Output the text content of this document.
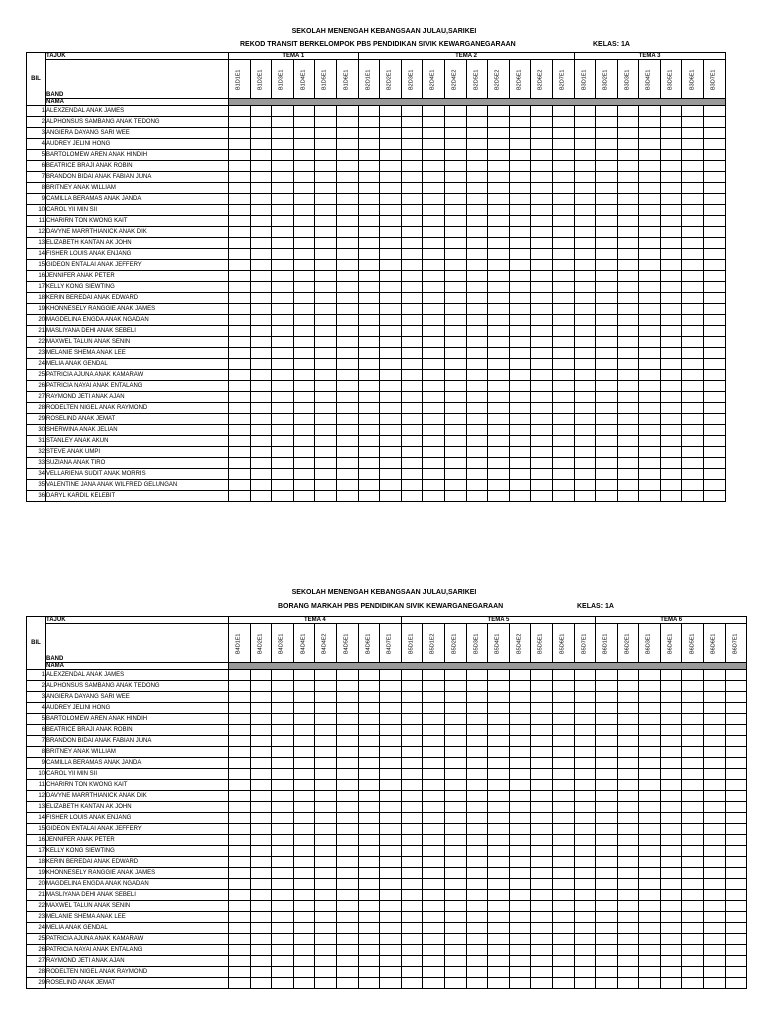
SEKOLAH MENENGAH KEBANGSAAN JULAU,SARIKEI
REKOD TRANSIT BERKELOMPOK PBS PENDIDIKAN SIVIK KEWARGANEGARAAN	KELAS: 1A
BIL	TAJUK	TEMA 1						TEMA 2										TEMA 3						
	BAND	B1D1E1	B1D2E1	B1D3E1	B1D4E1	B1D5E1	B1D6E1	B2D1E1	B2D2E1	B2D3E1	B2D4E1	B2D4E2	B2D5E1	B2D5E2	B2D6E1	B2D6E2	B2D7E1	B3D1E1	B3D2E1	B3D3E1	B3D4E1	B3D5E1	B3D6E1	B3D7E1
	NAMA																							

1	ALEXZENDAL ANAK JAMES																							
2	ALPHONSUS SAMBANG ANAK TEDONG																							
3	ANGIERA DAYANG SARI WEE																							
4	AUDREY JELINI HONG																							
5	BARTOLOMEW AREN ANAK HINDIH																							
6	BEATRICE BRAJI ANAK ROBIN																							
7	BRANDON BIDAI ANAK FABIAN JUNA																							
8	BRITNEY ANAK WILLIAM																							
9	CAMILLA BERAMAS ANAK JANDA																							
10	CAROL YII MIN SII																							
11	CHARIRN TON KWONG KAIT																							
12	DAVYNE MARRTHIANICK ANAK DIK																							
13	ELIZABETH KANTAN AK JOHN																							
14	FISHER LOUIS ANAK ENJANG																							
15	GIDEON ENTALAI ANAK JEFFERY																							
16	JENNIFER ANAK PETER																							
17	KELLY KONG SIEWTING																							
18	KERIN BEREDAI ANAK EDWARD																							
19	KHONNESELY RANGGIE ANAK JAMES																							
20	MAGDELINA ENGDA ANAK NGADAN																							
21	MASLIYANA DEHI ANAK SEBELI																							
22	MAXWEL TALUN ANAK SENIN																							
23	MELANIE SHEMA ANAK LEE																							
24	MELIA ANAK GENDAL																							
25	PATRICIA AJUNA ANAK KAMARAW																							
26	PATRICIA NAYAI ANAK ENTALANG																							
27	RAYMOND JETI ANAK AJAN																							
28	RODELTEN NIGEL ANAK RAYMOND																							
29	ROSELIND ANAK JEMAT																							
30	SHERWINA ANAK JELIAN																							
31	STANLEY ANAK AKUN																							
32	STEVE ANAK UMPI																							
33	SUZIANA ANAK TIRO																							
34	VELLARIENA SUDIT ANAK MORRIS																							
35	VALENTINE JANA ANAK WILFRED GELUNGAN																							
36	DARYL KARDIL KELEBIT																							
SEKOLAH MENENGAH KEBANGSAAN JULAU,SARIKEI
BORANG MARKAH PBS PENDIDIKAN SIVIK KEWARGANEGARAAN	KELAS: 1A
BIL	TAJUK	TEMA 4								TEMA 5									TEMA 6						
	BAND	B4D1E1	B4D2E1	B4D3E1	B4D4E1	B4D4E2	B4D5E1	B4D6E1	B4D7E1	B5D1E1	B5D1E2	B5D2E1	B5D3E1	B5D4E1	B5D4E2	B5D5E1	B5D6E1	B5D7E1	B6D1E1	B6D2E1	B6D3E1	B6D4E1	B6D5E1	B6D6E1	B6D7E1
	NAMA																								

1	ALEXZENDAL ANAK JAMES																								
2	ALPHONSUS SAMBANG ANAK TEDONG																								
3	ANGIERA DAYANG SARI WEE																								
4	AUDREY JELINI HONG																								
5	BARTOLOMEW AREN ANAK HINDIH																								
6	BEATRICE BRAJI ANAK ROBIN																								
7	BRANDON BIDAI ANAK FABIAN JUNA																								
8	BRITNEY ANAK WILLIAM																								
9	CAMILLA BERAMAS ANAK JANDA																								
10	CAROL YII MIN SII																								
11	CHARIRN TON KWONG KAIT																								
12	DAVYNE MARRTHIANICK ANAK DIK																								
13	ELIZABETH KANTAN AK JOHN																								
14	FISHER LOUIS ANAK ENJANG																								
15	GIDEON ENTALAI ANAK JEFFERY																								
16	JENNIFER ANAK PETER																								
17	KELLY KONG SIEWTING																								
18	KERIN BEREDAI ANAK EDWARD																								
19	KHONNESELY RANGGIE ANAK JAMES																								
20	MAGDELINA ENGDA ANAK NGADAN																								
21	MASLIYANA DEHI ANAK SEBELI																								
22	MAXWEL TALUN ANAK SENIN																								
23	MELANIE SHEMA ANAK LEE																								
24	MELIA ANAK GENDAL																								
25	PATRICIA AJUNA ANAK KAMARAW																								
26	PATRICIA NAYAI ANAK ENTALANG																								
27	RAYMOND JETI ANAK AJAN																								
28	RODELTEN NIGEL ANAK RAYMOND																								
29	ROSELIND ANAK JEMAT																								
